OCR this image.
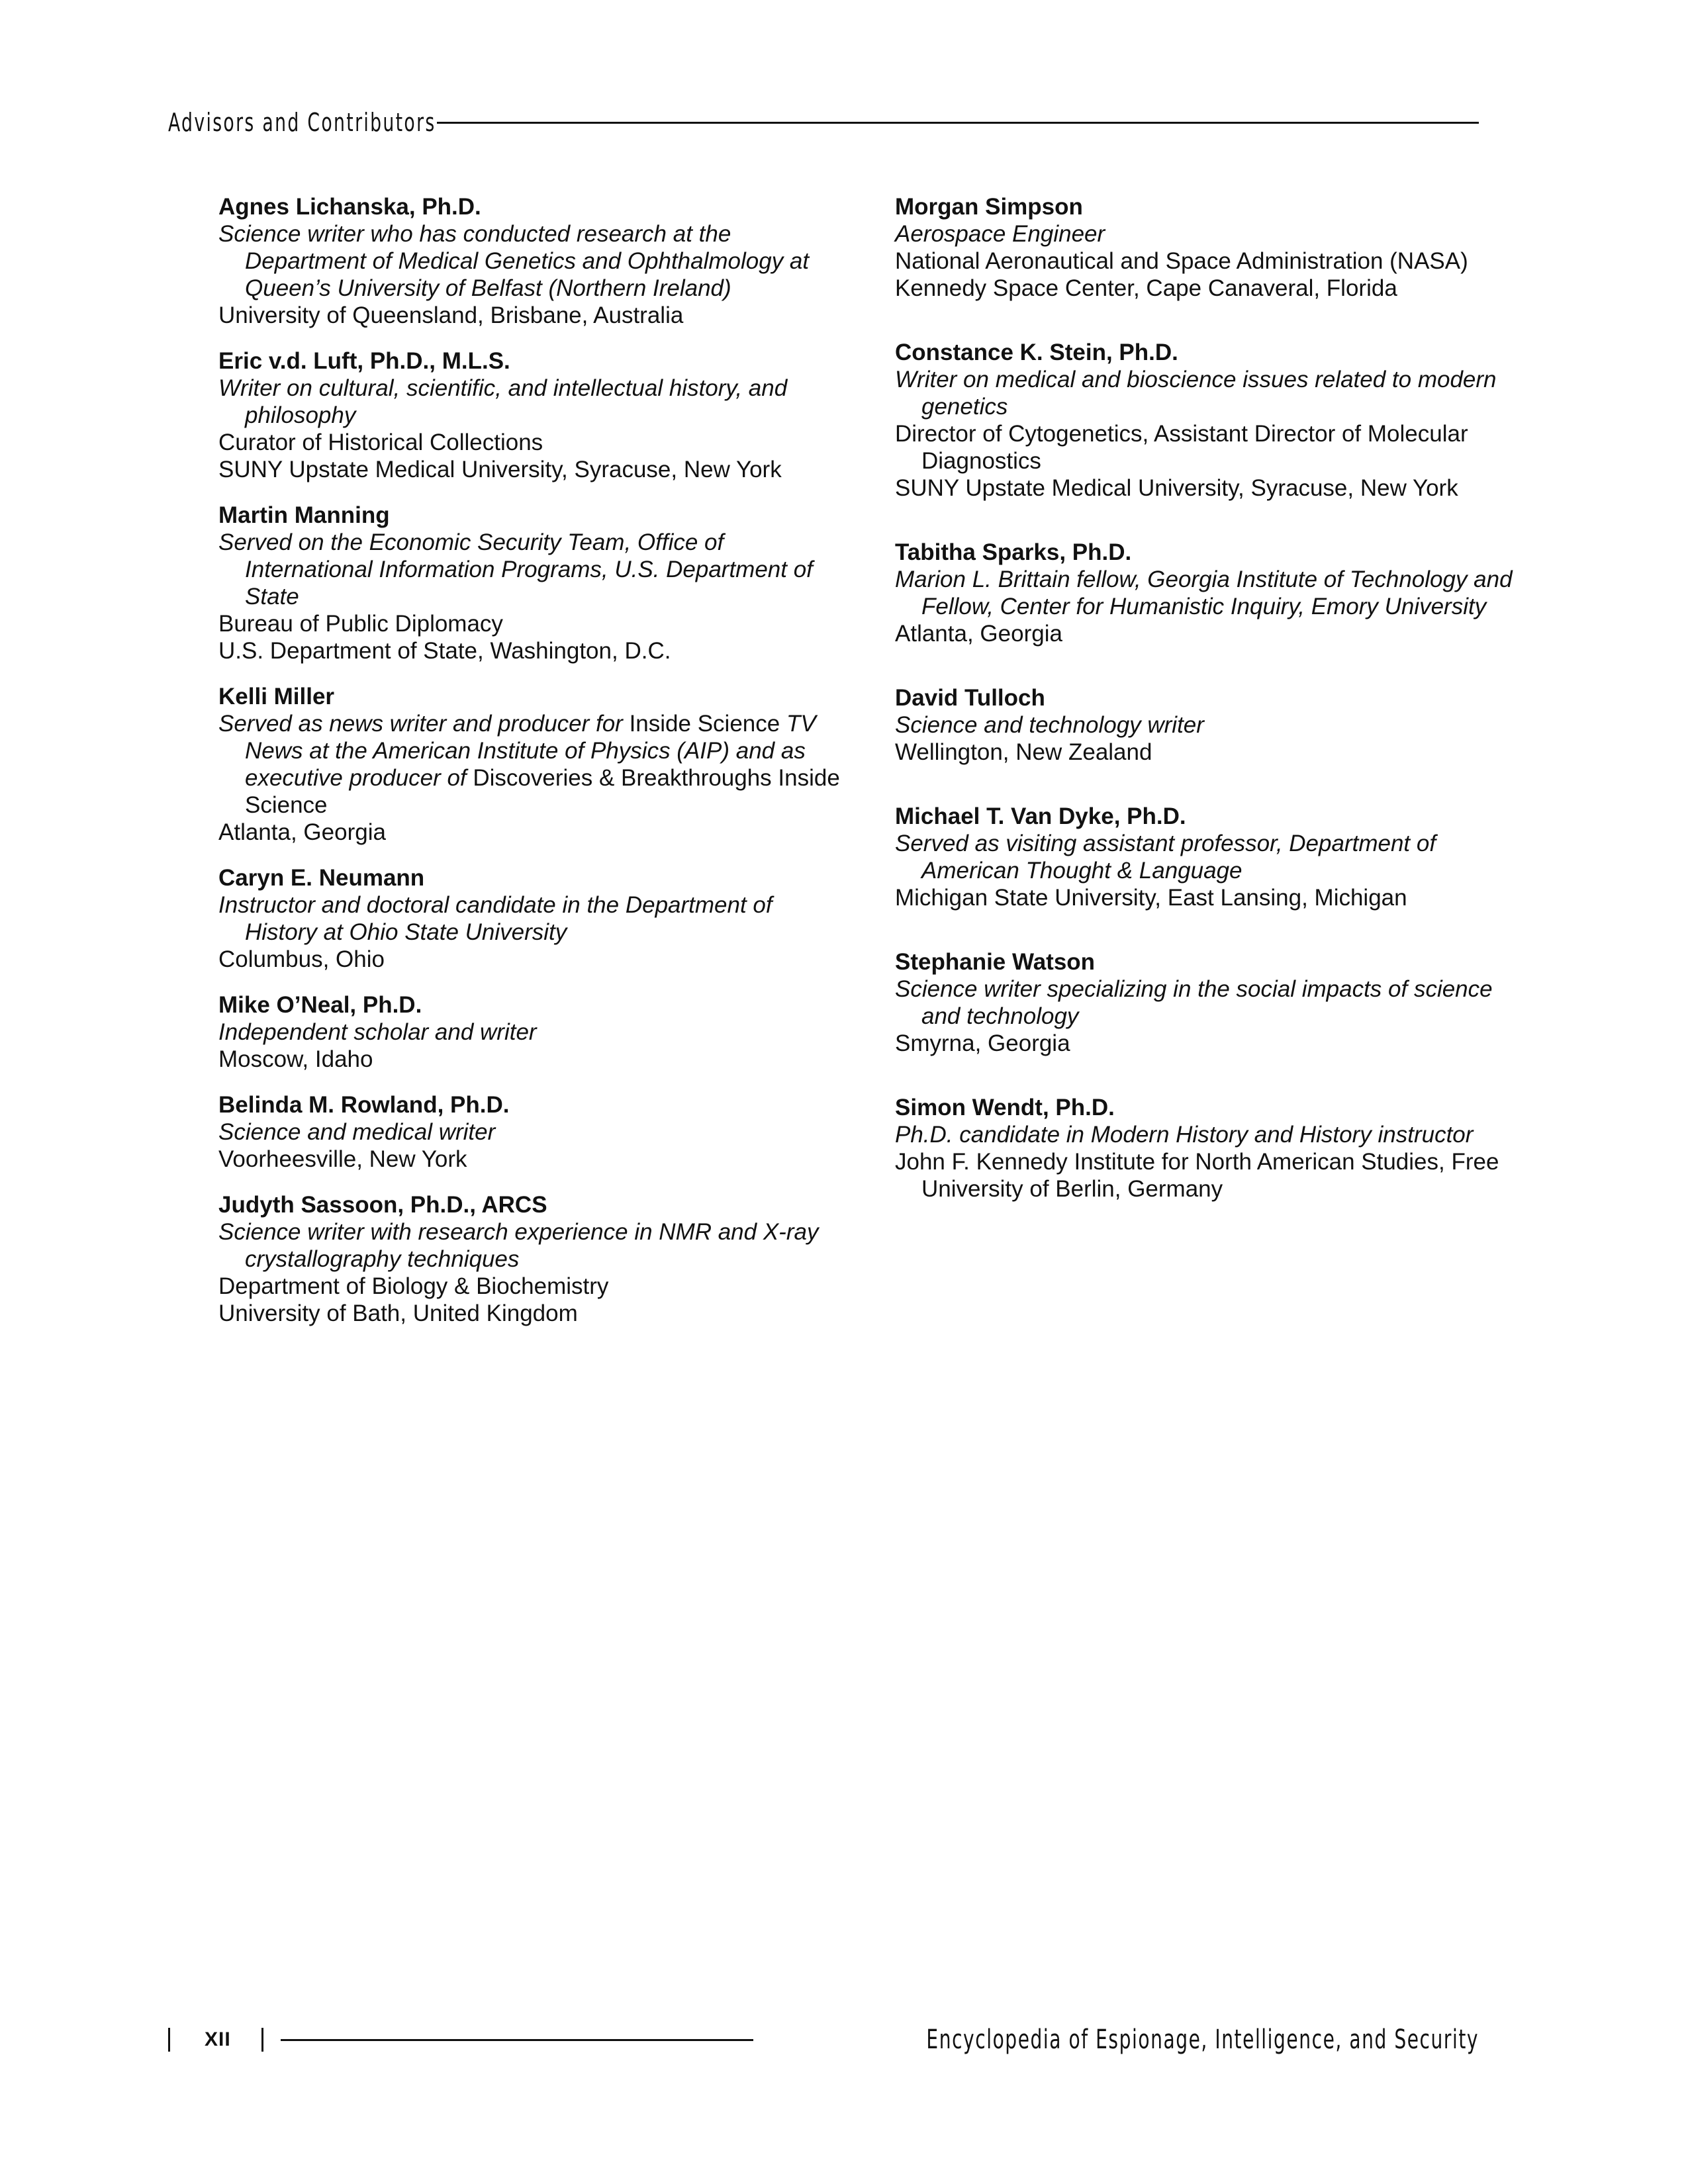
Advisors and Contributors
Agnes Lichanska, Ph.D.
Science writer who has conducted research at the Department of Medical Genetics and Ophthalmology at Queen’s University of Belfast (Northern Ireland)
University of Queensland, Brisbane, Australia
Eric v.d. Luft, Ph.D., M.L.S.
Writer on cultural, scientific, and intellectual history, and philosophy
Curator of Historical Collections
SUNY Upstate Medical University, Syracuse, New York
Martin Manning
Served on the Economic Security Team, Office of International Information Programs, U.S. Department of State
Bureau of Public Diplomacy
U.S. Department of State, Washington, D.C.
Kelli Miller
Served as news writer and producer for Inside Science TV News at the American Institute of Physics (AIP) and as executive producer of Discoveries & Breakthroughs Inside Science
Atlanta, Georgia
Caryn E. Neumann
Instructor and doctoral candidate in the Department of History at Ohio State University
Columbus, Ohio
Mike O’Neal, Ph.D.
Independent scholar and writer
Moscow, Idaho
Belinda M. Rowland, Ph.D.
Science and medical writer
Voorheesville, New York
Judyth Sassoon, Ph.D., ARCS
Science writer with research experience in NMR and X-ray crystallography techniques
Department of Biology & Biochemistry
University of Bath, United Kingdom
Morgan Simpson
Aerospace Engineer
National Aeronautical and Space Administration (NASA)
Kennedy Space Center, Cape Canaveral, Florida
Constance K. Stein, Ph.D.
Writer on medical and bioscience issues related to modern genetics
Director of Cytogenetics, Assistant Director of Molecular Diagnostics
SUNY Upstate Medical University, Syracuse, New York
Tabitha Sparks, Ph.D.
Marion L. Brittain fellow, Georgia Institute of Technology and Fellow, Center for Humanistic Inquiry, Emory University
Atlanta, Georgia
David Tulloch
Science and technology writer
Wellington, New Zealand
Michael T. Van Dyke, Ph.D.
Served as visiting assistant professor, Department of American Thought & Language
Michigan State University, East Lansing, Michigan
Stephanie Watson
Science writer specializing in the social impacts of science and technology
Smyrna, Georgia
Simon Wendt, Ph.D.
Ph.D. candidate in Modern History and History instructor
John F. Kennedy Institute for North American Studies, Free University of Berlin, Germany
XII	Encyclopedia of Espionage, Intelligence, and Security
